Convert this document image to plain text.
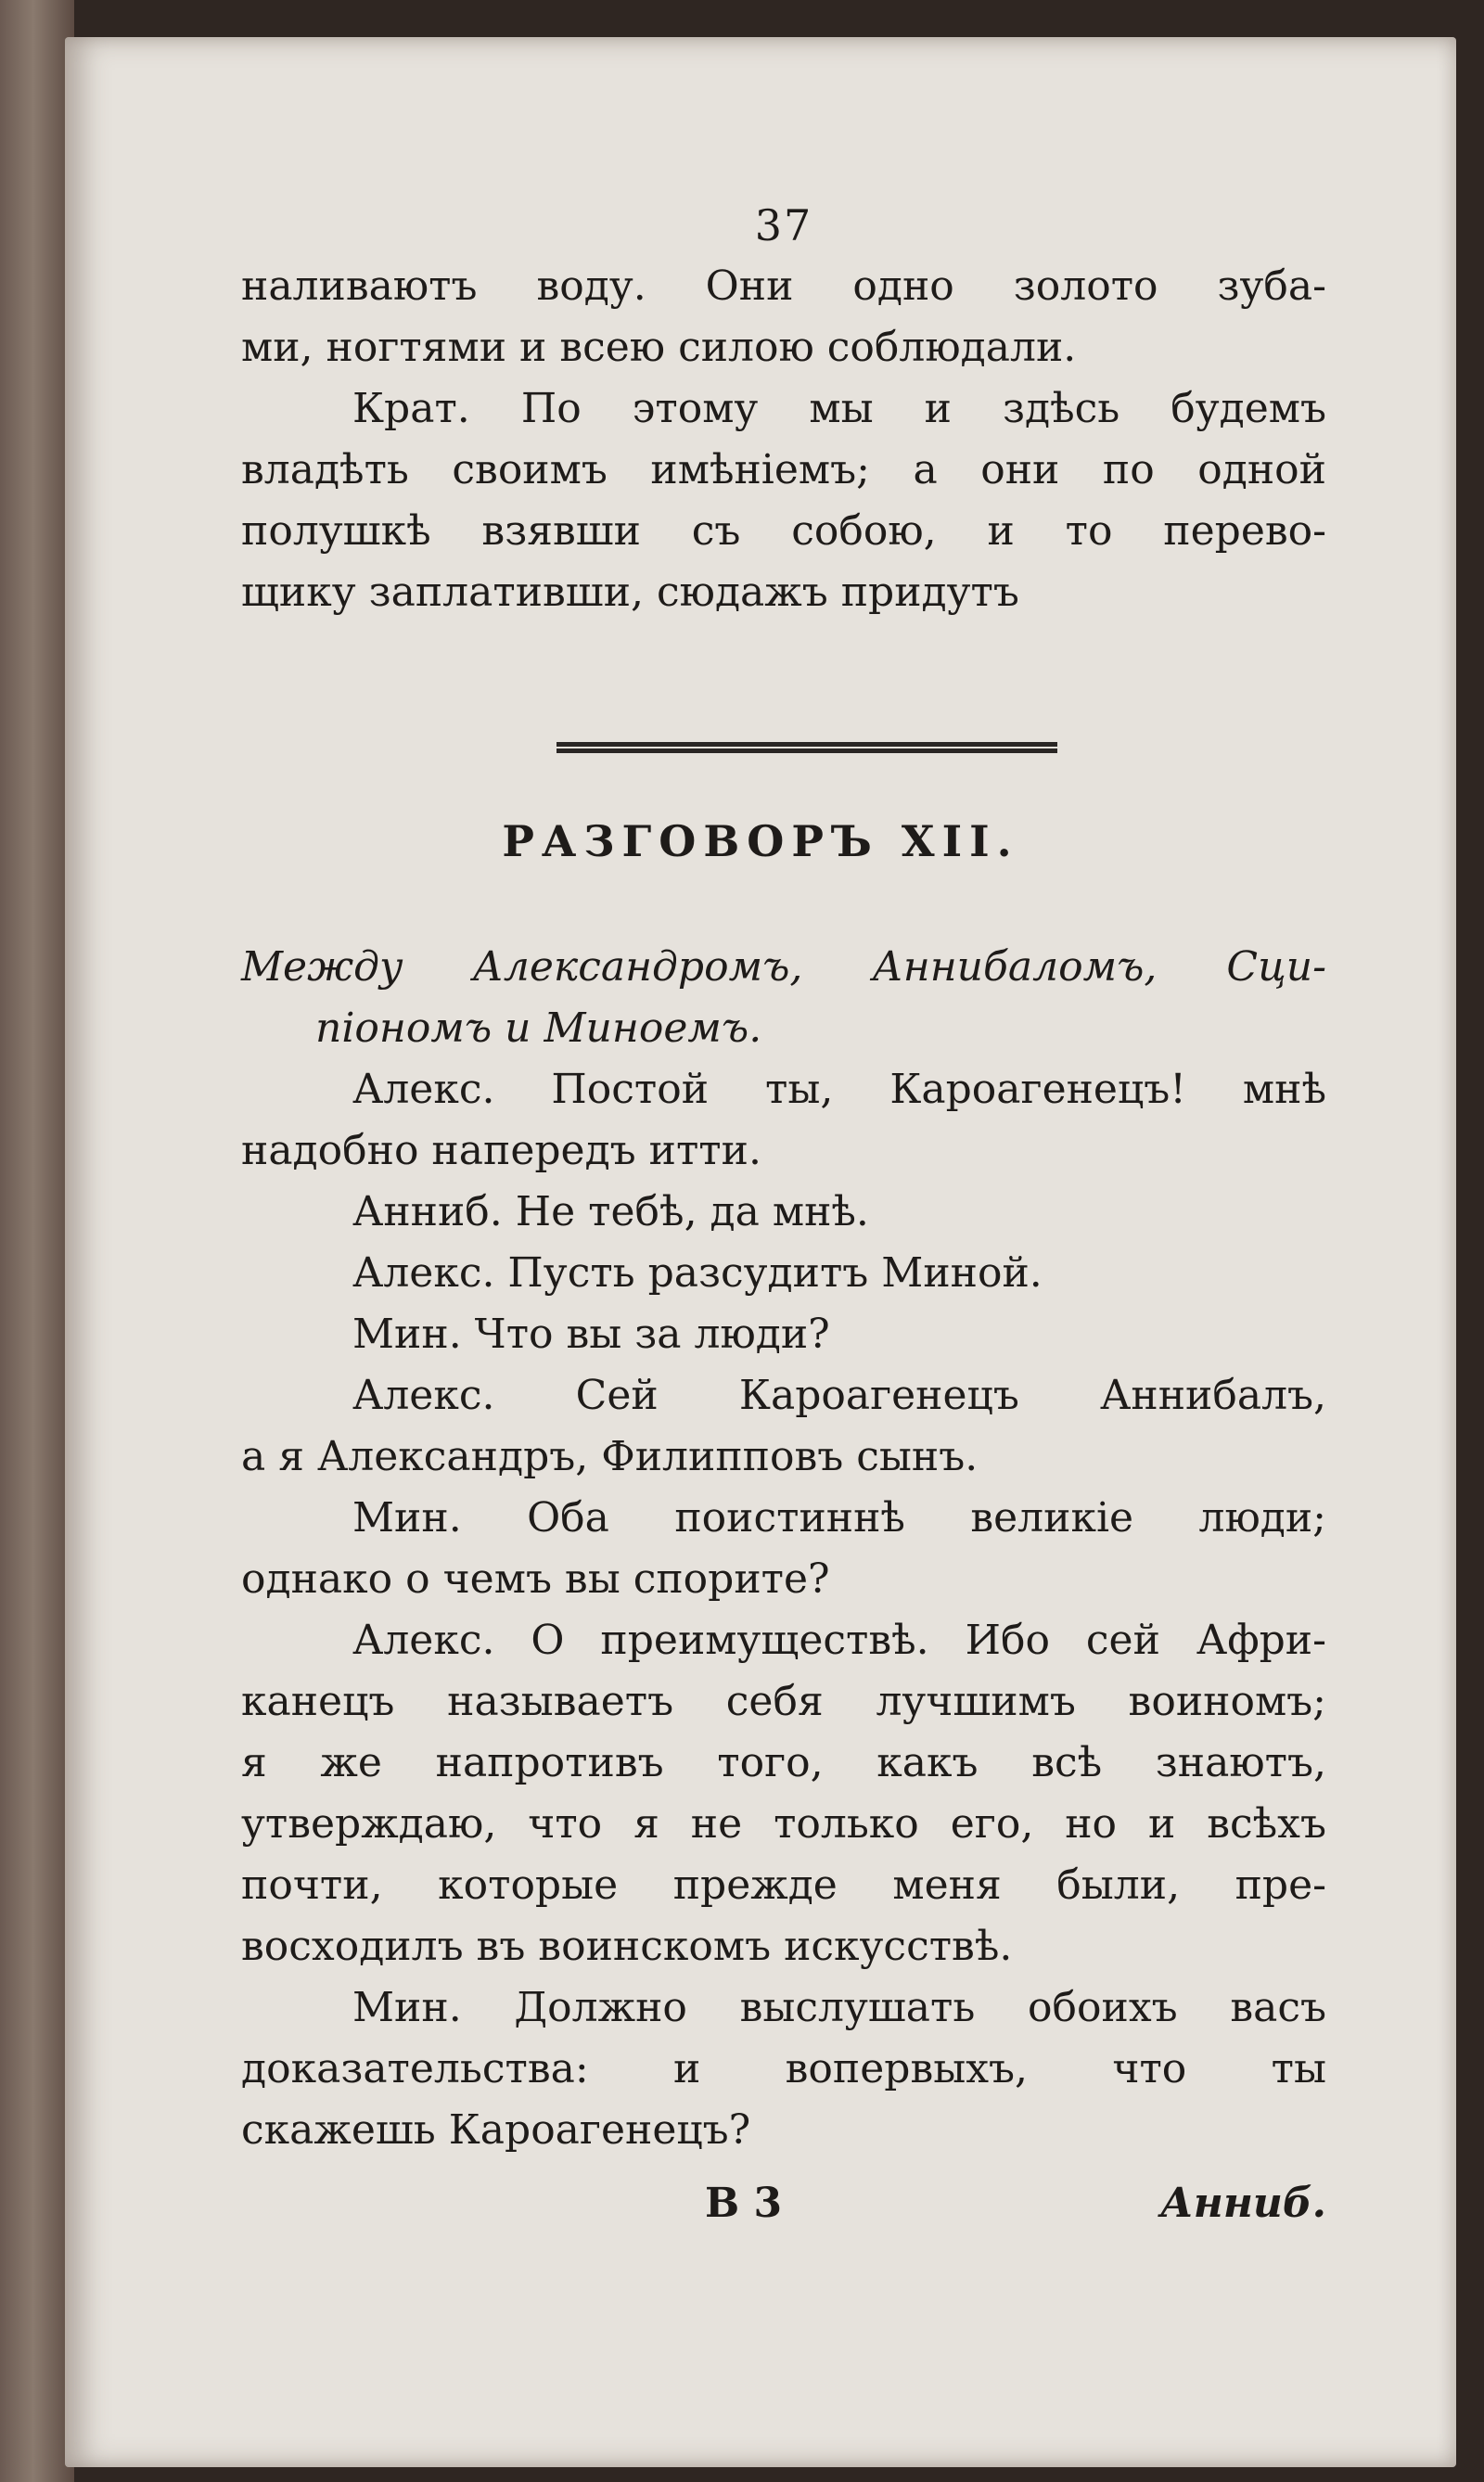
37
наливаютъ воду. Они одно золото зуба-
ми, ногтями и всею силою соблюдали.
Крат. По этому мы и здѣсь будемъ
владѣть своимъ имѣніемъ; а они по одной
полушкѣ взявши съ собою, и то перево-
щику заплативши, сюдажъ придутъ
РАЗГОВОРЪ XII.
Между Александромъ, Аннибаломъ, Сци-
піономъ и Миноемъ.
Алекс. Постой ты, Кароагенецъ! мнѣ
надобно напередъ итти.
Анниб. Не тебѣ, да мнѣ.
Алекс. Пусть разсудитъ Миной.
Мин. Что вы за люди?
Алекс. Сей Кароагенецъ Аннибалъ,
а я Александръ, Филипповъ сынъ.
Мин. Оба поистиннѣ великіе люди;
однако о чемъ вы спорите?
Алекс. О преимуществѣ. Ибо сей Афри-
канецъ называетъ себя лучшимъ воиномъ;
я же напротивъ того, какъ всѣ знаютъ,
утверждаю, что я не только его, но и всѣхъ
почти, которые прежде меня были, пре-
восходилъ въ воинскомъ искусствѣ.
Мин. Должно выслушать обоихъ васъ
доказательства: и вопервыхъ, что ты
скажешь Кароагенецъ?
В 3	Анниб.
